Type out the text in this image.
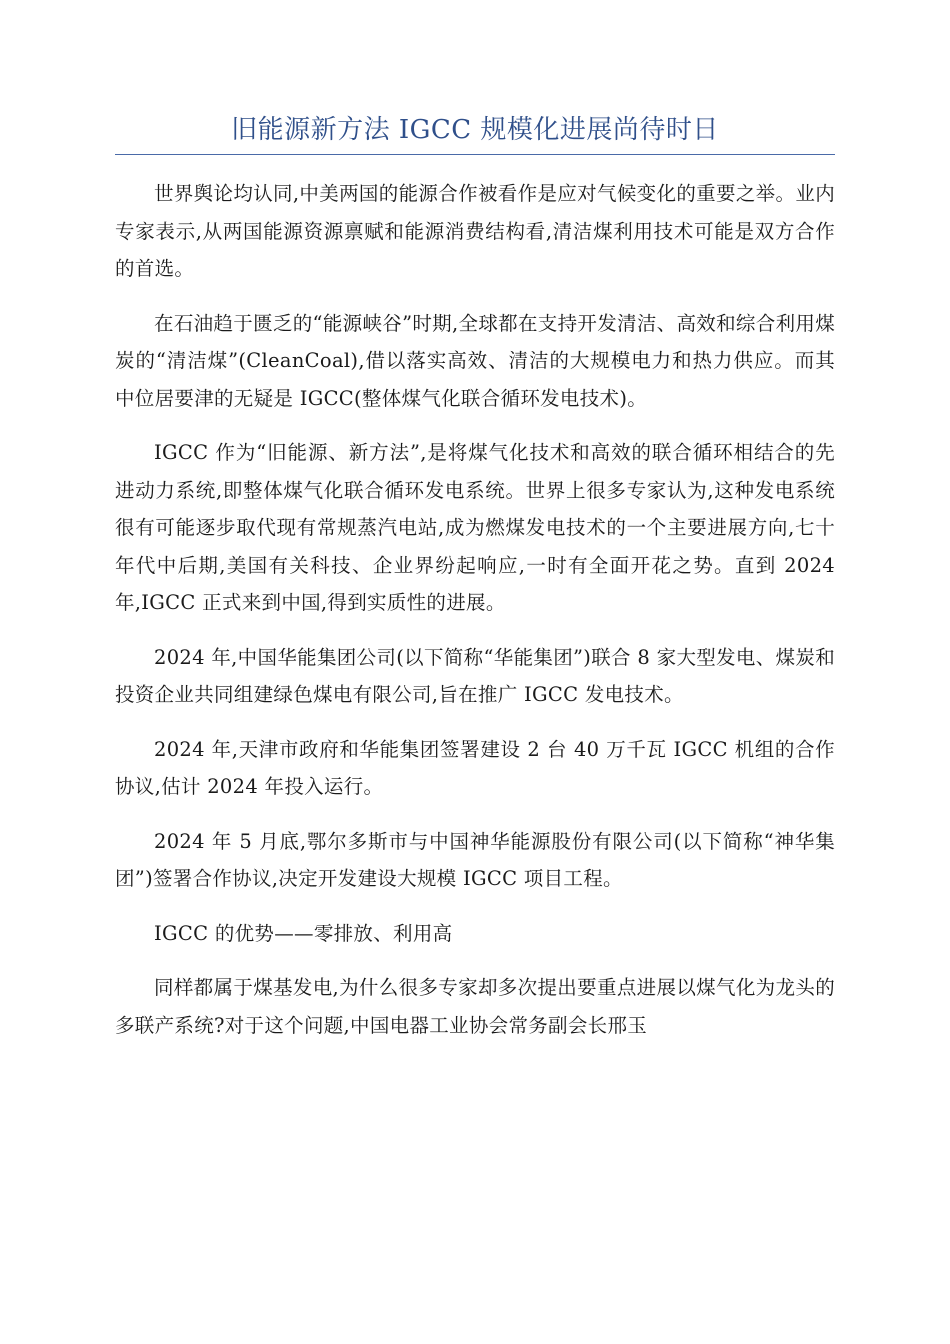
旧能源新方法 IGCC 规模化进展尚待时日

世界舆论均认同,中美两国的能源合作被看作是应对气候变化的重要之举。业内专家表示,从两国能源资源禀赋和能源消费结构看,清洁煤利用技术可能是双方合作的首选。

在石油趋于匮乏的“能源峡谷”时期,全球都在支持开发清洁、高效和综合利用煤炭的“清洁煤”(CleanCoal),借以落实高效、清洁的大规模电力和热力供应。而其中位居要津的无疑是 IGCC(整体煤气化联合循环发电技术)。

IGCC 作为“旧能源、新方法”,是将煤气化技术和高效的联合循环相结合的先进动力系统,即整体煤气化联合循环发电系统。世界上很多专家认为,这种发电系统很有可能逐步取代现有常规蒸汽电站,成为燃煤发电技术的一个主要进展方向,七十年代中后期,美国有关科技、企业界纷起响应,一时有全面开花之势。直到 2024 年,IGCC 正式来到中国,得到实质性的进展。

2024 年,中国华能集团公司(以下简称“华能集团”)联合 8 家大型发电、煤炭和投资企业共同组建绿色煤电有限公司,旨在推广 IGCC 发电技术。

2024 年,天津市政府和华能集团签署建设 2 台 40 万千瓦 IGCC 机组的合作协议,估计 2024 年投入运行。

2024 年 5 月底,鄂尔多斯市与中国神华能源股份有限公司(以下简称“神华集团”)签署合作协议,决定开发建设大规模 IGCC 项目工程。

IGCC 的优势——零排放、利用高

同样都属于煤基发电,为什么很多专家却多次提出要重点进展以煤气化为龙头的多联产系统?对于这个问题,中国电器工业协会常务副会长邢玉
